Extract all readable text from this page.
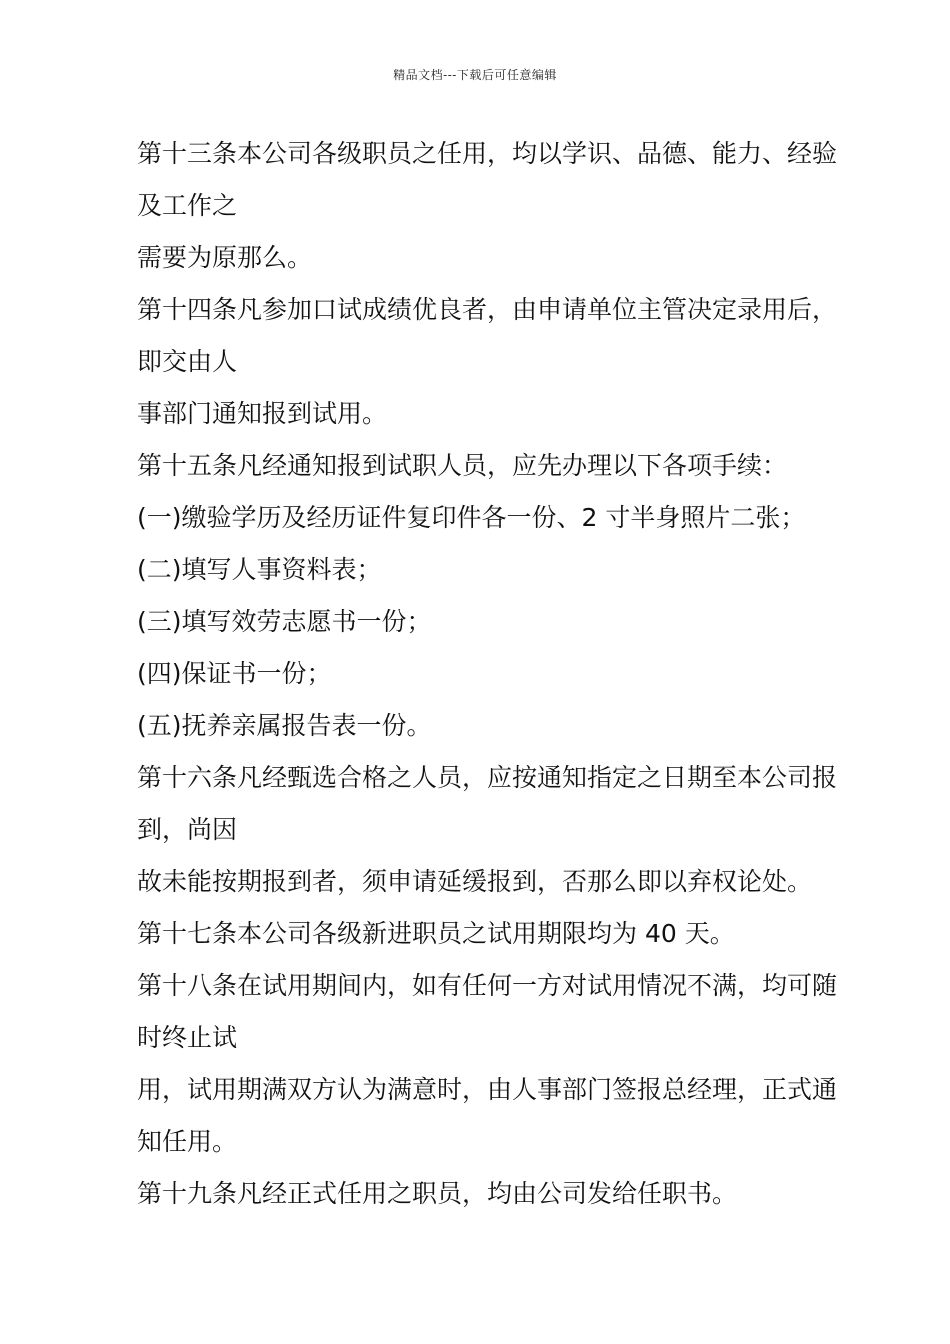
精品文档---下载后可任意编辑
第十三条本公司各级职员之任用，均以学识、品德、能力、经验
及工作之
需要为原那么。
第十四条凡参加口试成绩优良者，由申请单位主管决定录用后，
即交由人
事部门通知报到试用。
第十五条凡经通知报到试职人员，应先办理以下各项手续：
(一)缴验学历及经历证件复印件各一份、2 寸半身照片二张；
(二)填写人事资料表；
(三)填写效劳志愿书一份；
(四)保证书一份；
(五)抚养亲属报告表一份。
第十六条凡经甄选合格之人员，应按通知指定之日期至本公司报
到，尚因
故未能按期报到者，须申请延缓报到，否那么即以弃权论处。
第十七条本公司各级新进职员之试用期限均为 40 天。
第十八条在试用期间内，如有任何一方对试用情况不满，均可随
时终止试
用，试用期满双方认为满意时，由人事部门签报总经理，正式通
知任用。
第十九条凡经正式任用之职员，均由公司发给任职书。
